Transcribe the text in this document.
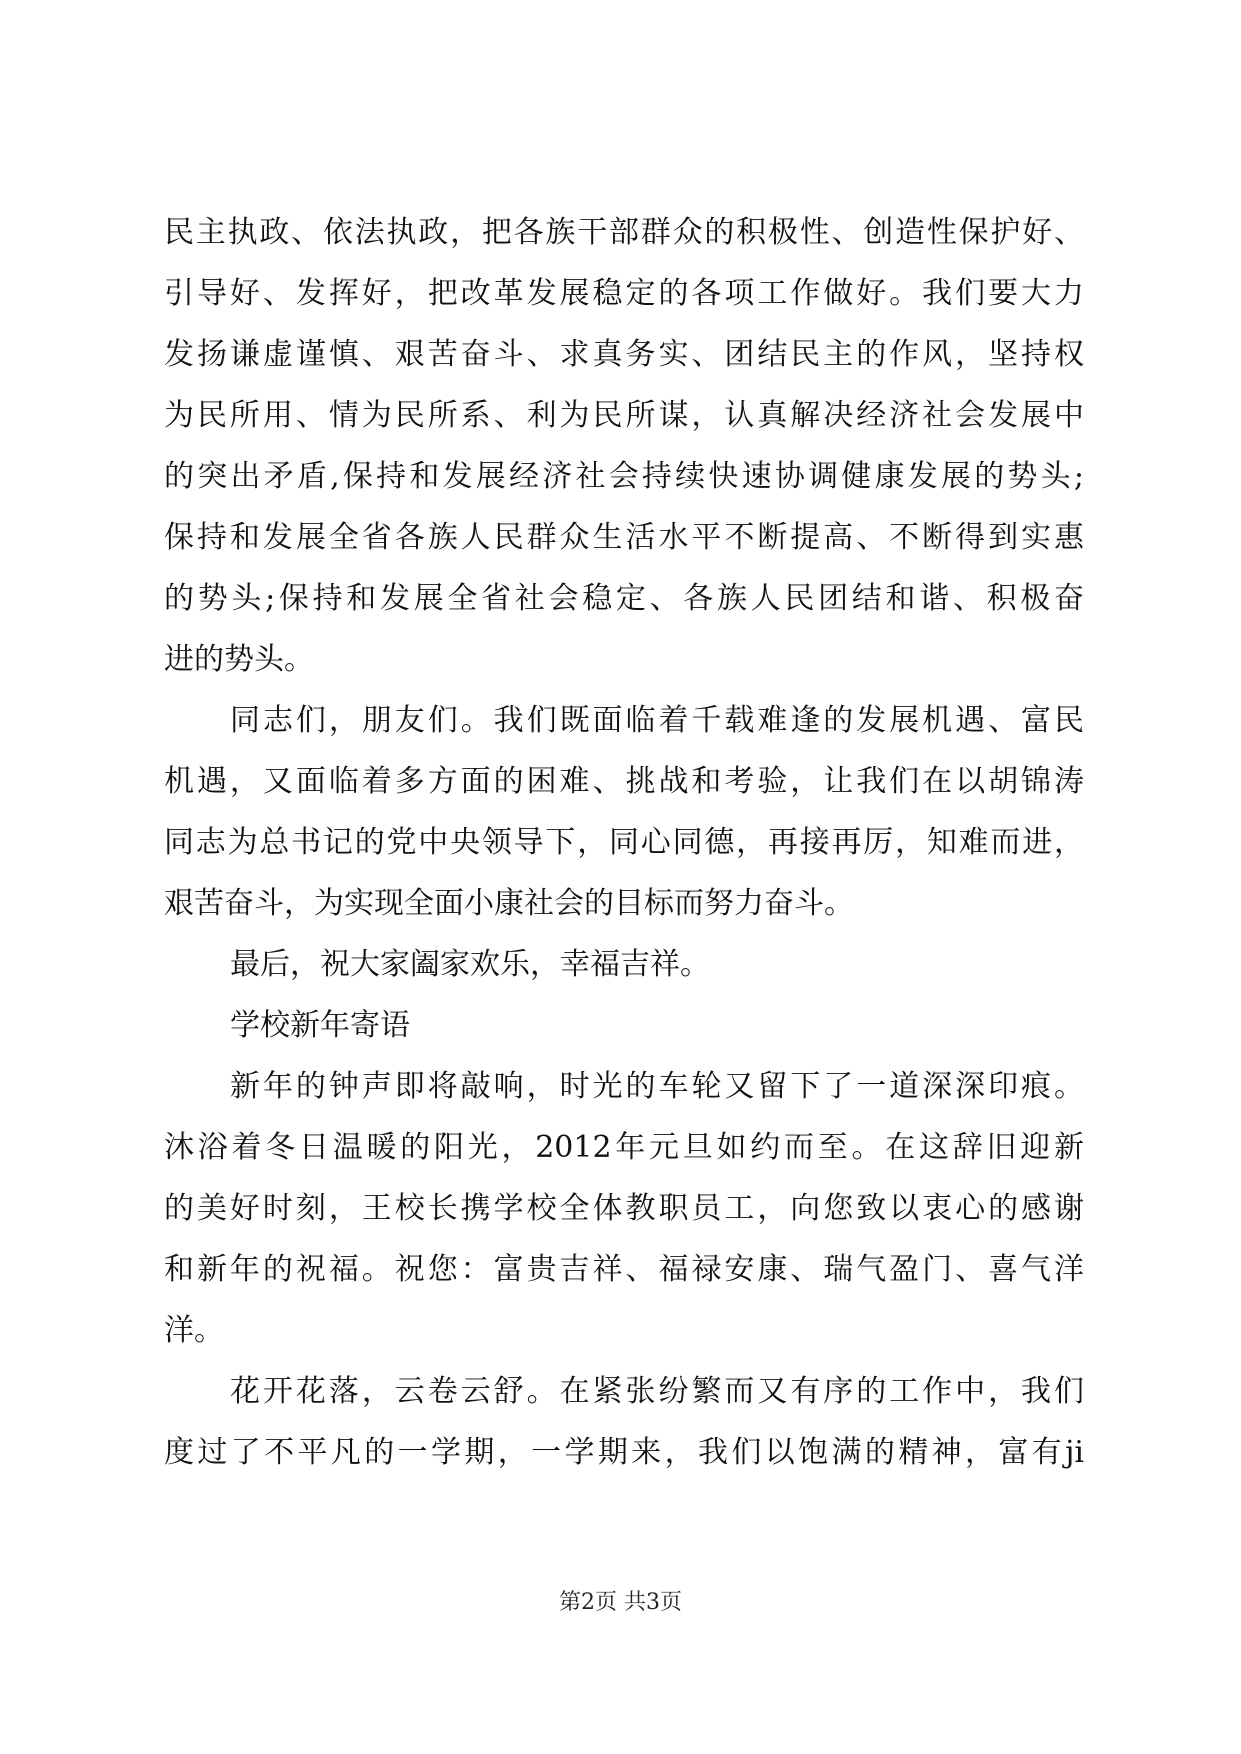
民主执政、依法执政，把各族干部群众的积极性、创造性保护好、
引导好、发挥好，把改革发展稳定的各项工作做好。我们要大力
发扬谦虚谨慎、艰苦奋斗、求真务实、团结民主的作风，坚持权
为民所用、情为民所系、利为民所谋，认真解决经济社会发展中
的突出矛盾,保持和发展经济社会持续快速协调健康发展的势头;
保持和发展全省各族人民群众生活水平不断提高、不断得到实惠
的势头;保持和发展全省社会稳定、各族人民团结和谐、积极奋
进的势头。
同志们，朋友们。我们既面临着千载难逢的发展机遇、富民
机遇，又面临着多方面的困难、挑战和考验，让我们在以胡锦涛
同志为总书记的党中央领导下，同心同德，再接再厉，知难而进，
艰苦奋斗，为实现全面小康社会的目标而努力奋斗。
最后，祝大家阖家欢乐，幸福吉祥。
学校新年寄语
新年的钟声即将敲响，时光的车轮又留下了一道深深印痕。
沐浴着冬日温暖的阳光，2012年元旦如约而至。在这辞旧迎新
的美好时刻，王校长携学校全体教职员工，向您致以衷心的感谢
和新年的祝福。祝您：富贵吉祥、福禄安康、瑞气盈门、喜气洋
洋。
花开花落，云卷云舒。在紧张纷繁而又有序的工作中，我们
度过了不平凡的一学期，一学期来，我们以饱满的精神，富有ji
第2页 共3页
